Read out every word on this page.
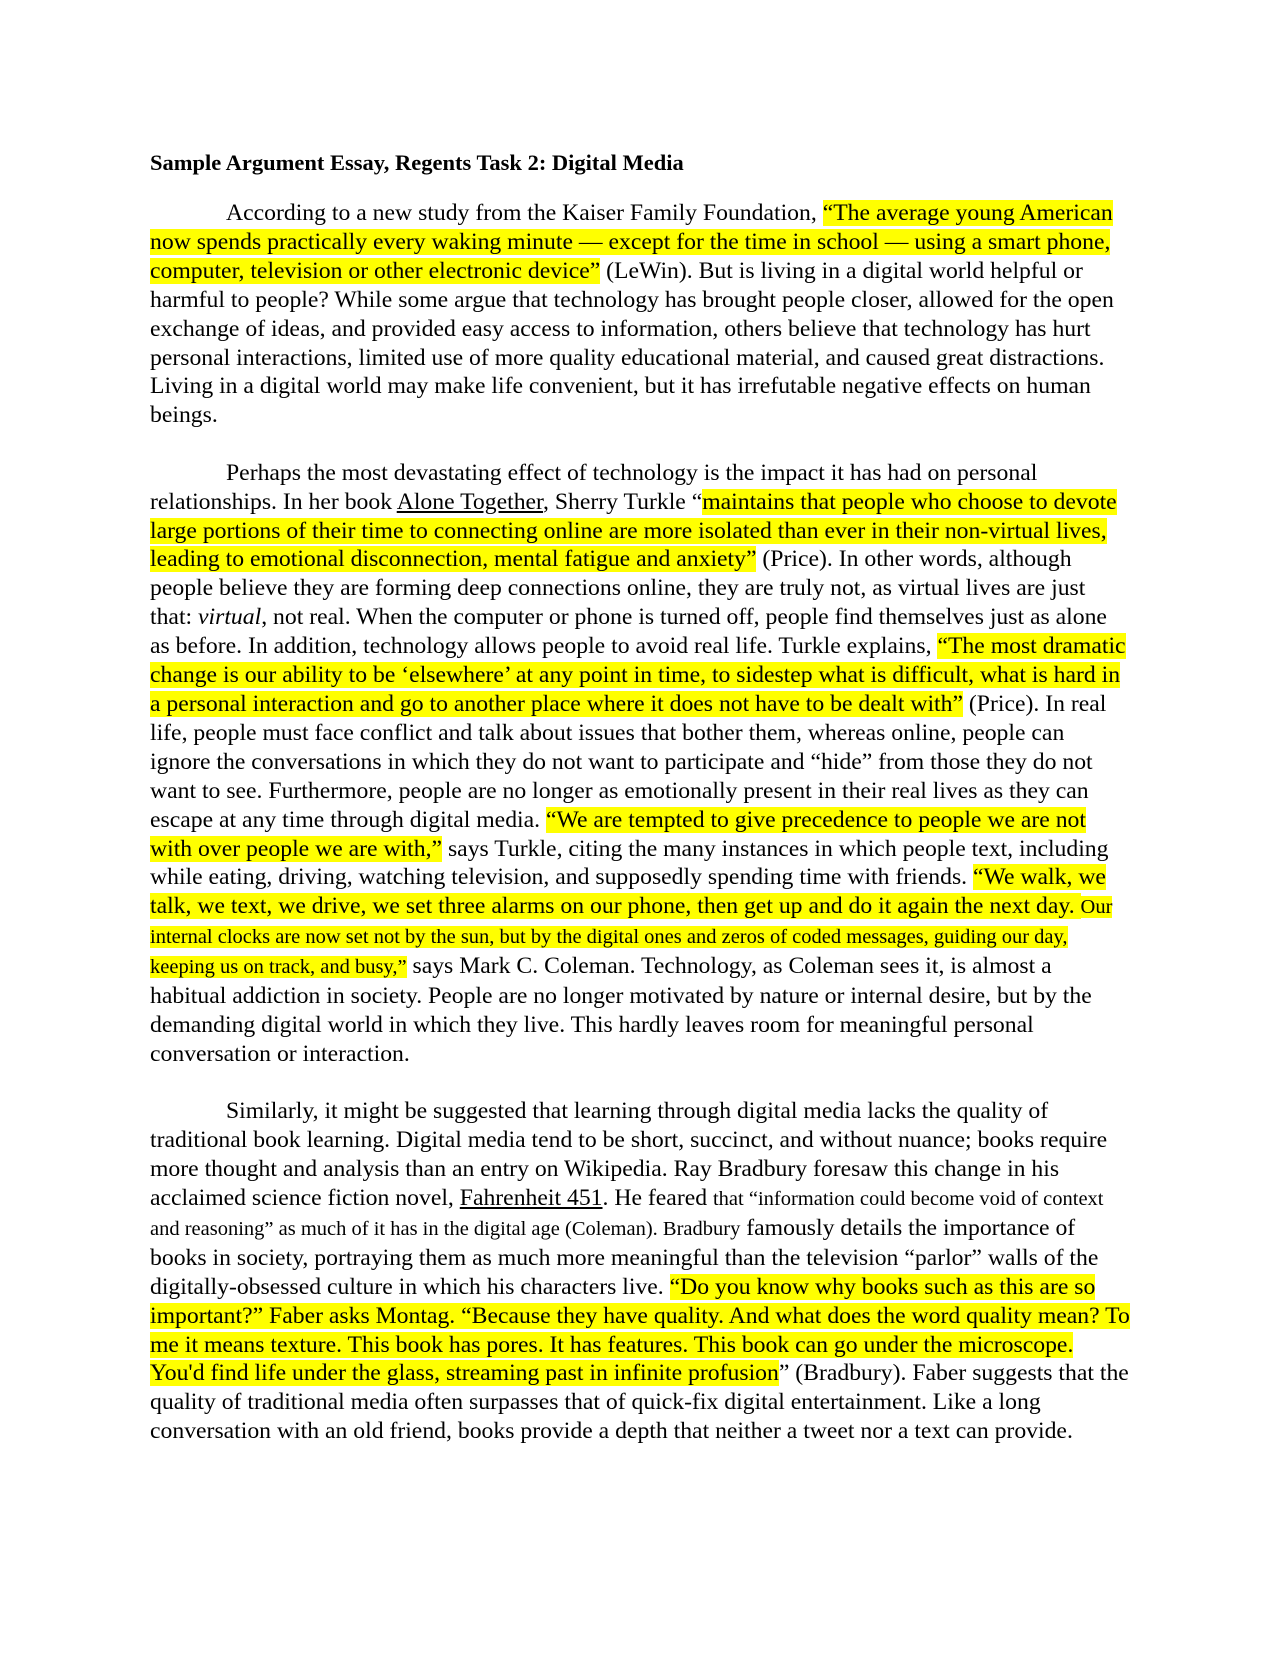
Sample Argument Essay, Regents Task 2: Digital Media

According to a new study from the Kaiser Family Foundation, “The average young American now spends practically every waking minute — except for the time in school — using a smart phone, computer, television or other electronic device” (LeWin). But is living in a digital world helpful or harmful to people? While some argue that technology has brought people closer, allowed for the open exchange of ideas, and provided easy access to information, others believe that technology has hurt personal interactions, limited use of more quality educational material, and caused great distractions. Living in a digital world may make life convenient, but it has irrefutable negative effects on human beings.

Perhaps the most devastating effect of technology is the impact it has had on personal relationships. In her book Alone Together, Sherry Turkle “maintains that people who choose to devote large portions of their time to connecting online are more isolated than ever in their non-virtual lives, leading to emotional disconnection, mental fatigue and anxiety” (Price). In other words, although people believe they are forming deep connections online, they are truly not, as virtual lives are just that: virtual, not real. When the computer or phone is turned off, people find themselves just as alone as before. In addition, technology allows people to avoid real life. Turkle explains, “The most dramatic change is our ability to be ‘elsewhere’ at any point in time, to sidestep what is difficult, what is hard in a personal interaction and go to another place where it does not have to be dealt with” (Price). In real life, people must face conflict and talk about issues that bother them, whereas online, people can ignore the conversations in which they do not want to participate and “hide” from those they do not want to see. Furthermore, people are no longer as emotionally present in their real lives as they can escape at any time through digital media. “We are tempted to give precedence to people we are not with over people we are with,” says Turkle, citing the many instances in which people text, including while eating, driving, watching television, and supposedly spending time with friends. “We walk, we talk, we text, we drive, we set three alarms on our phone, then get up and do it again the next day. Our internal clocks are now set not by the sun, but by the digital ones and zeros of coded messages, guiding our day, keeping us on track, and busy,” says Mark C. Coleman. Technology, as Coleman sees it, is almost a habitual addiction in society. People are no longer motivated by nature or internal desire, but by the demanding digital world in which they live. This hardly leaves room for meaningful personal conversation or interaction.

Similarly, it might be suggested that learning through digital media lacks the quality of traditional book learning. Digital media tend to be short, succinct, and without nuance; books require more thought and analysis than an entry on Wikipedia. Ray Bradbury foresaw this change in his acclaimed science fiction novel, Fahrenheit 451. He feared that “information could become void of context and reasoning” as much of it has in the digital age (Coleman). Bradbury famously details the importance of books in society, portraying them as much more meaningful than the television “parlor” walls of the digitally-obsessed culture in which his characters live. “Do you know why books such as this are so important?” Faber asks Montag. “Because they have quality. And what does the word quality mean? To me it means texture. This book has pores. It has features. This book can go under the microscope. You'd find life under the glass, streaming past in infinite profusion” (Bradbury). Faber suggests that the quality of traditional media often surpasses that of quick-fix digital entertainment. Like a long conversation with an old friend, books provide a depth that neither a tweet nor a text can provide.
